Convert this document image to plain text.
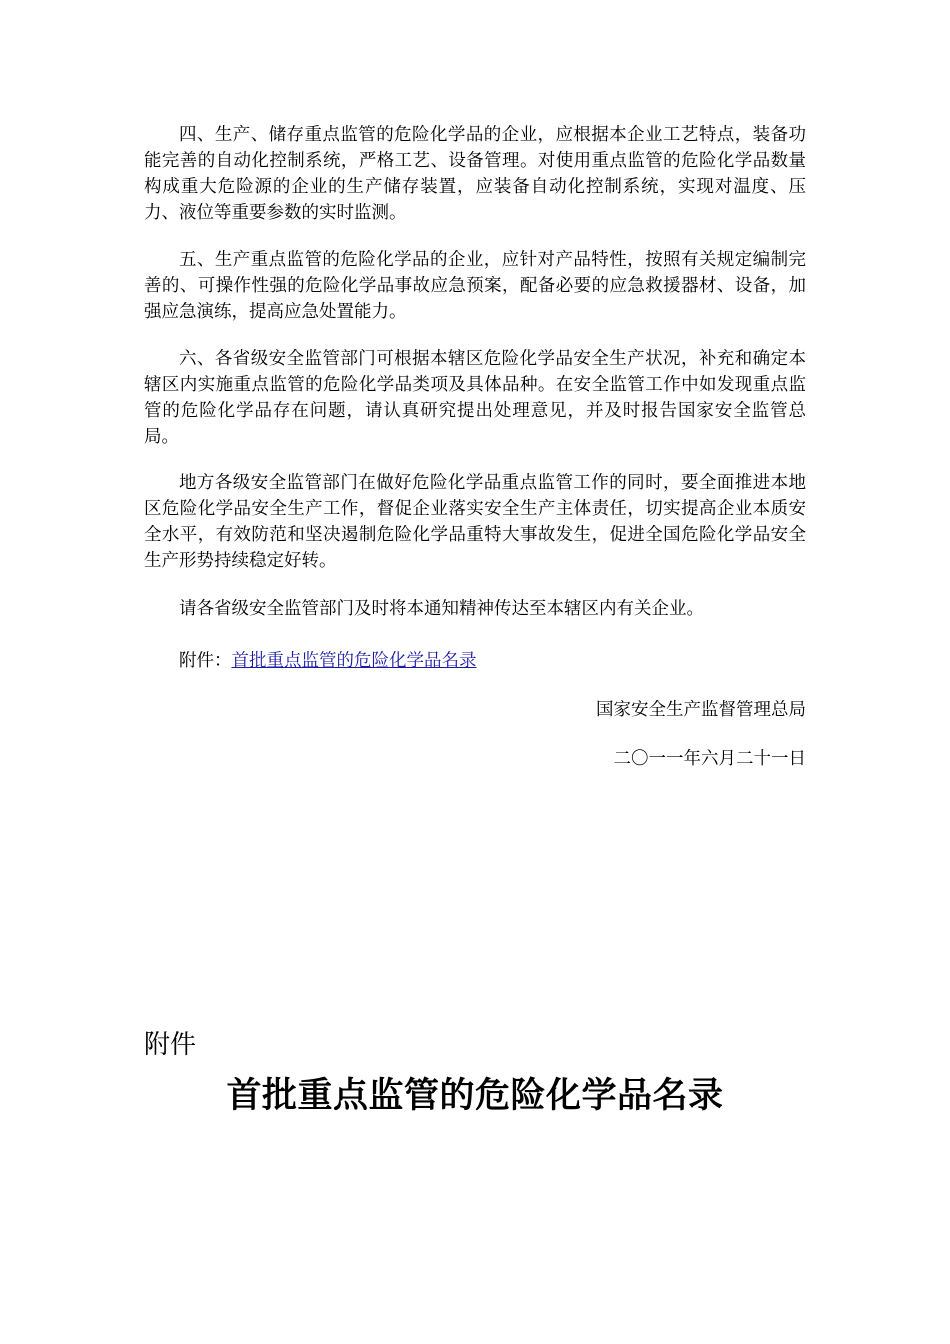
四、生产、储存重点监管的危险化学品的企业，应根据本企业工艺特点，装备功能完善的自动化控制系统，严格工艺、设备管理。对使用重点监管的危险化学品数量构成重大危险源的企业的生产储存装置，应装备自动化控制系统，实现对温度、压力、液位等重要参数的实时监测。

五、生产重点监管的危险化学品的企业，应针对产品特性，按照有关规定编制完善的、可操作性强的危险化学品事故应急预案，配备必要的应急救援器材、设备，加强应急演练，提高应急处置能力。

六、各省级安全监管部门可根据本辖区危险化学品安全生产状况，补充和确定本辖区内实施重点监管的危险化学品类项及具体品种。在安全监管工作中如发现重点监管的危险化学品存在问题，请认真研究提出处理意见，并及时报告国家安全监管总局。

地方各级安全监管部门在做好危险化学品重点监管工作的同时，要全面推进本地区危险化学品安全生产工作，督促企业落实安全生产主体责任，切实提高企业本质安全水平，有效防范和坚决遏制危险化学品重特大事故发生，促进全国危险化学品安全生产形势持续稳定好转。

请各省级安全监管部门及时将本通知精神传达至本辖区内有关企业。

附件：首批重点监管的危险化学品名录

国家安全生产监督管理总局

二〇一一年六月二十一日

附件

首批重点监管的危险化学品名录
